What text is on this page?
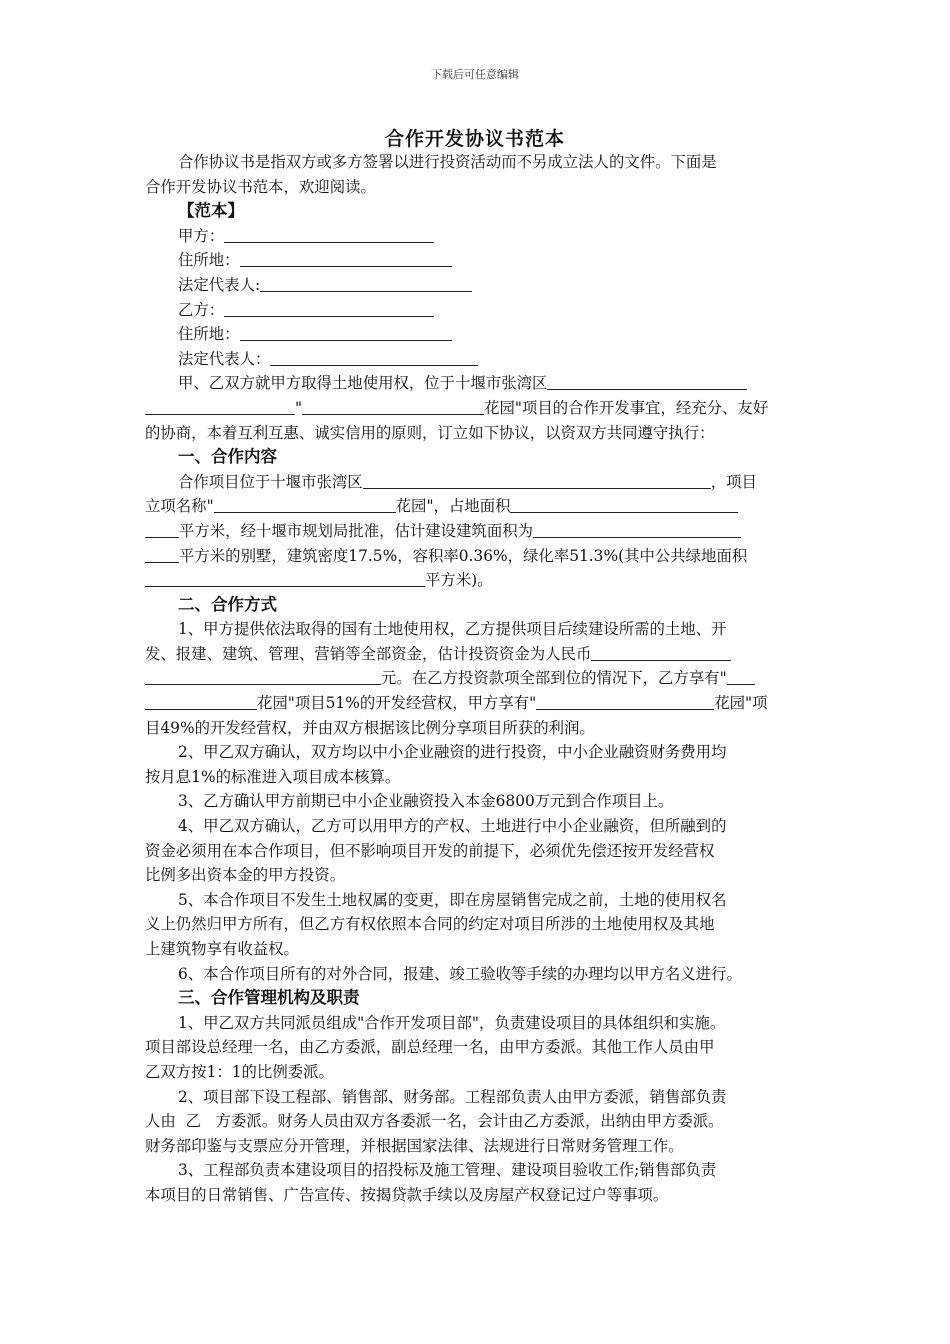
下载后可任意编辑
合作开发协议书范本
合作协议书是指双方或多方签署以进行投资活动而不另成立法人的文件。下面是
合作开发协议书范本，欢迎阅读。
【范本】
甲方：
住所地：
法定代表人:
乙方：
住所地：
法定代表人：
甲、乙双方就甲方取得土地使用权，位于十堰市张湾区
"	花园"项目的合作开发事宜，经充分、友好
的协商，本着互利互惠、诚实信用的原则，订立如下协议，以资双方共同遵守执行：
一、合作内容
合作项目位于十堰市张湾区	，项目
立项名称"	花园"，占地面积
平方米，经十堰市规划局批准，估计建设建筑面积为
平方米的别墅，建筑密度17.5%，容积率0.36%，绿化率51.3%(其中公共绿地面积
平方米)。
二、合作方式
1、甲方提供依法取得的国有土地使用权，乙方提供项目后续建设所需的土地、开
发、报建、建筑、管理、营销等全部资金，估计投资资金为人民币
元。在乙方投资款项全部到位的情况下，乙方享有"
花园"项目51%的开发经营权，甲方享有"	花园"项
目49%的开发经营权，并由双方根据该比例分享项目所获的利润。
2、甲乙双方确认，双方均以中小企业融资的进行投资，中小企业融资财务费用均
按月息1%的标准进入项目成本核算。
3、乙方确认甲方前期已中小企业融资投入本金6800万元到合作项目上。
4、甲乙双方确认，乙方可以用甲方的产权、土地进行中小企业融资，但所融到的
资金必须用在本合作项目，但不影响项目开发的前提下，必须优先偿还按开发经营权
比例多出资本金的甲方投资。
5、本合作项目不发生土地权属的变更，即在房屋销售完成之前，土地的使用权名
义上仍然归甲方所有，但乙方有权依照本合同的约定对项目所涉的土地使用权及其地
上建筑物享有收益权。
6、本合作项目所有的对外合同，报建、竣工验收等手续的办理均以甲方名义进行。
三、合作管理机构及职责
1、甲乙双方共同派员组成"合作开发项目部"，负责建设项目的具体组织和实施。
项目部设总经理一名，由乙方委派，副总经理一名，由甲方委派。其他工作人员由甲
乙双方按1：1的比例委派。
2、项目部下设工程部、销售部、财务部。工程部负责人由甲方委派，销售部负责
人由  乙   方委派。财务人员由双方各委派一名，会计由乙方委派，出纳由甲方委派。
财务部印鉴与支票应分开管理，并根据国家法律、法规进行日常财务管理工作。
3、工程部负责本建设项目的招投标及施工管理、建设项目验收工作;销售部负责
本项目的日常销售、广告宣传、按揭贷款手续以及房屋产权登记过户等事项。
